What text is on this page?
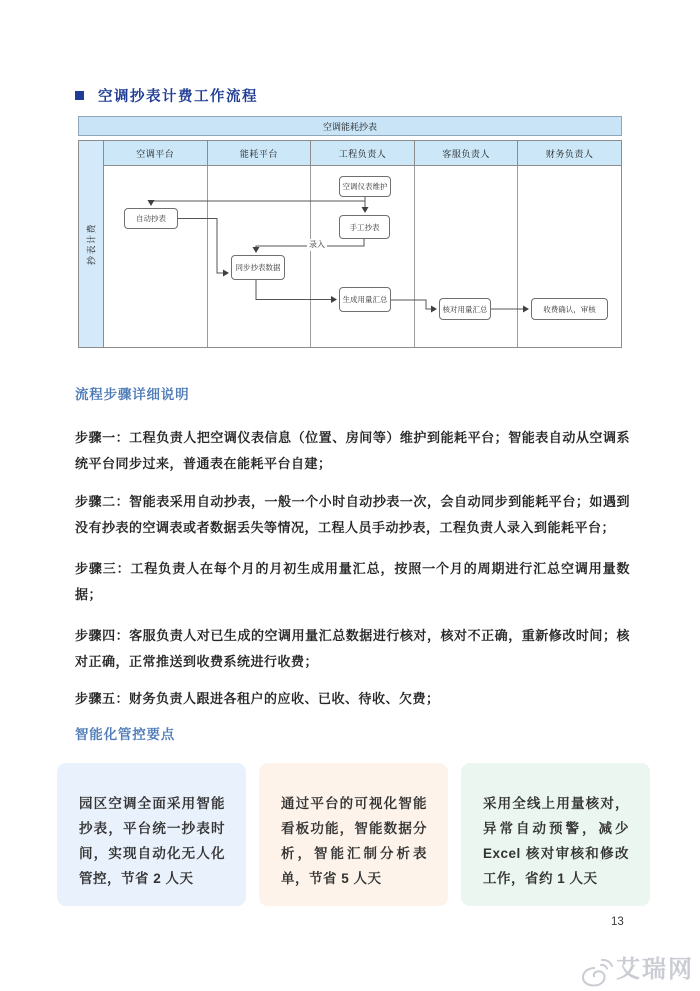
空调抄表计费工作流程
空调能耗抄表
抄表计费
空调平台	能耗平台	工程负责人	客服负责人	财务负责人
空调仪表维护
手工抄表
自动抄表
同步抄表数据
生成用量汇总
核对用量汇总	收费确认，审核
录入
流程步骤详细说明

步骤一：工程负责人把空调仪表信息（位置、房间等）维护到能耗平台；智能表自动从空调系统平台同步过来，普通表在能耗平台自建；

步骤二：智能表采用自动抄表，一般一个小时自动抄表一次，会自动同步到能耗平台；如遇到没有抄表的空调表或者数据丢失等情况，工程人员手动抄表，工程负责人录入到能耗平台；

步骤三：工程负责人在每个月的月初生成用量汇总，按照一个月的周期进行汇总空调用量数据；

步骤四：客服负责人对已生成的空调用量汇总数据进行核对，核对不正确，重新修改时间；核对正确，正常推送到收费系统进行收费；

步骤五：财务负责人跟进各租户的应收、已收、待收、欠费；

智能化管控要点
园区空调全面采用智能抄表，平台统一抄表时间，实现自动化无人化管控，节省 2 人天
通过平台的可视化智能看板功能，智能数据分析，智能汇制分析表单，节省 5 人天
采用全线上用量核对，异常自动预警，减少 Excel 核对审核和修改工作，省约 1 人天
13
艾瑞网
